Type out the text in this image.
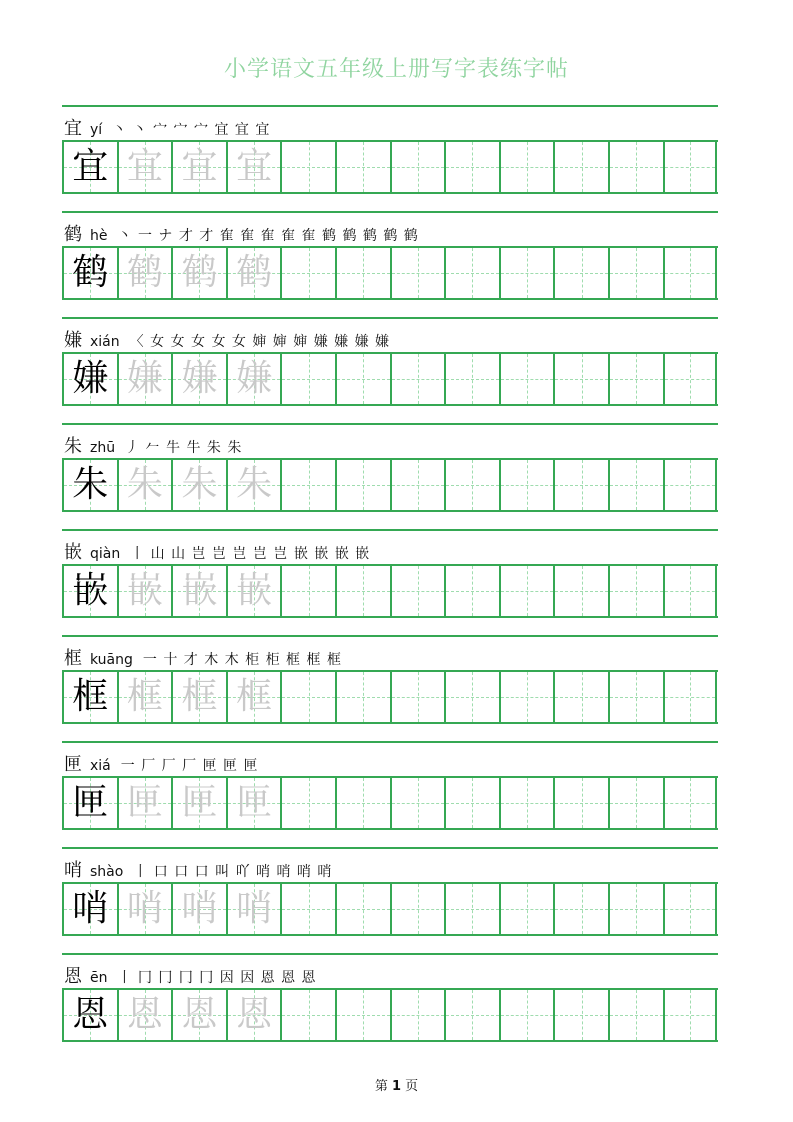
小学语文五年级上册写字表练字帖
宜 yí 丶 丶 宀 宀 宀 宜 宜 宜
宜 宜 宜 宜
鹤 hè 丶 一 ナ 才 才 隺 隺 隺 隺 隺 鹤 鹤 鹤 鹤 鹤
鹤 鹤 鹤 鹤
嫌 xián 〈 女 女 女 女 女 婶 婶 婶 嫌 嫌 嫌 嫌
嫌 嫌 嫌 嫌
朱 zhū 丿 𠂉 牛 牛 朱 朱
朱 朱 朱 朱
嵌 qiàn 丨 山 山 岂 岂 岂 岂 岂 嵌 嵌 嵌 嵌
嵌 嵌 嵌 嵌
框 kuāng 一 十 才 木 木 柜 柜 框 框 框
框 框 框 框
匣 xiá 一 厂 厂 厂 匣 匣 匣
匣 匣 匣 匣
哨 shào 丨 口 口 口 叫 吖 哨 哨 哨 哨
哨 哨 哨 哨
恩 ēn 丨 冂 冂 冂 冂 因 因 恩 恩 恩
恩 恩 恩 恩
第 1 页
